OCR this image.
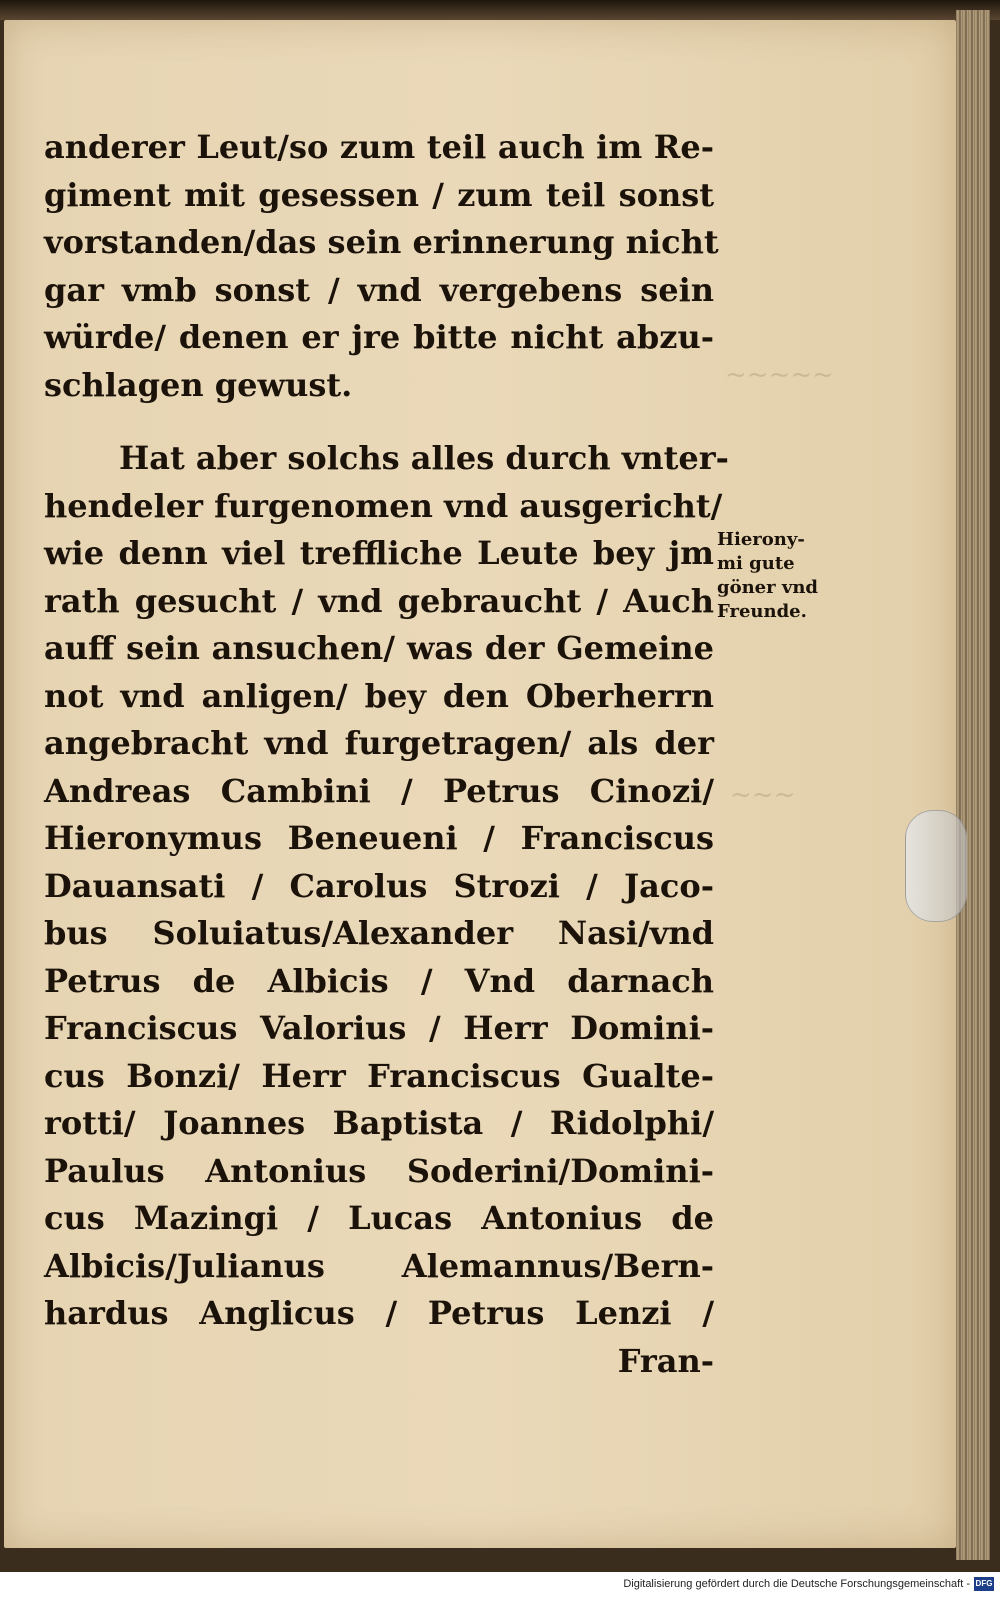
~~~~~
~~~
anderer Leut/so zum teil auch im Re-
giment mit gesessen / zum teil sonst
vorstanden/das sein erinnerung nicht
gar vmb sonst / vnd vergebens sein
würde/ denen er jre bitte nicht abzu-
schlagen gewust.
Hat aber solchs alles durch vnter-
hendeler furgenomen vnd ausgericht/
wie denn viel treffliche Leute bey jm
rath gesucht / vnd gebraucht / Auch
auff sein ansuchen/ was der Gemeine
not vnd anligen/ bey den Oberherrn
angebracht vnd furgetragen/ als der
Andreas Cambini / Petrus Cinozi/
Hieronymus Beneueni / Franciscus
Dauansati / Carolus Strozi / Jaco-
bus Soluiatus/Alexander Nasi/vnd
Petrus de Albicis / Vnd darnach
Franciscus Valorius / Herr Domini-
cus Bonzi/ Herr Franciscus Gualte-
rotti/ Joannes Baptista / Ridolphi/
Paulus Antonius Soderini/Domini-
cus Mazingi / Lucas Antonius de
Albicis/Julianus Alemannus/Bern-
hardus Anglicus / Petrus Lenzi /
Fran-
Hierony-
mi gute
göner vnd
Freunde.
Digitalisierung gefördert durch die Deutsche Forschungsgemeinschaft - DFG
